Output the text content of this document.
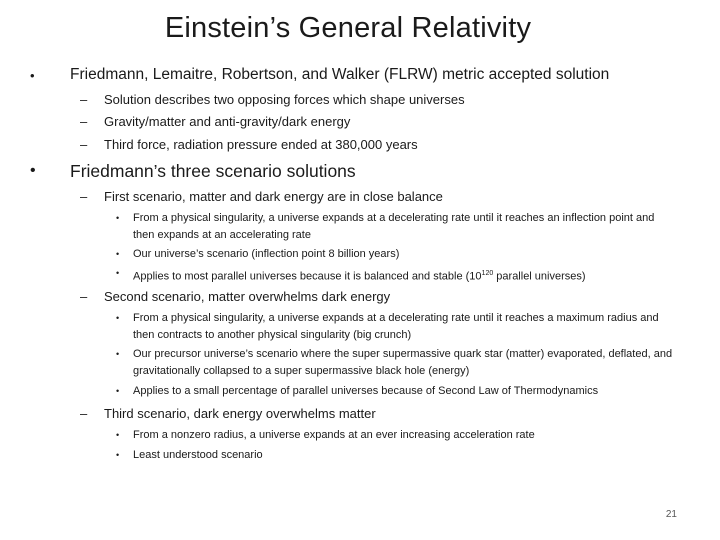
Einstein’s General Relativity
• Friedmann, Lemaitre, Robertson, and Walker (FLRW) metric accepted solution
– Solution describes two opposing forces which shape universes
– Gravity/matter and anti-gravity/dark energy
– Third force, radiation pressure ended at 380,000 years
• Friedmann’s three scenario solutions
– First scenario, matter and dark energy are in close balance
• From a physical singularity, a universe expands at a decelerating rate until it reaches an inflection point and then expands at an accelerating rate
• Our universe’s scenario (inflection point 8 billion years)
• Applies to most parallel universes because it is balanced and stable ($10^{120}$ parallel universes)
– Second scenario, matter overwhelms dark energy
• From a physical singularity, a universe expands at a decelerating rate until it reaches a maximum radius and then contracts to another physical singularity (big crunch)
• Our precursor universe’s scenario where the super supermassive quark star (matter) evaporated, deflated, and gravitationally collapsed to a super supermassive black hole (energy)
• Applies to a small percentage of parallel universes because of Second Law of Thermodynamics
– Third scenario, dark energy overwhelms matter
• From a nonzero radius, a universe expands at an ever increasing acceleration rate
• Least understood scenario
21
